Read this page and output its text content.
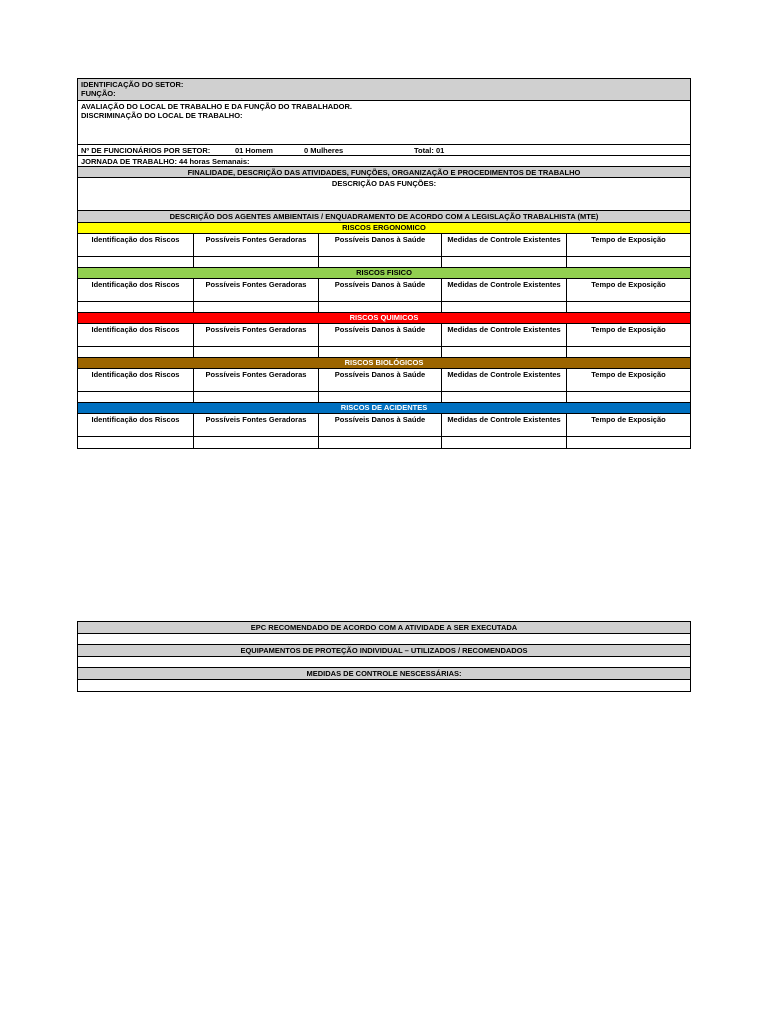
IDENTIFICAÇÃO DO SETOR:
FUNÇÃO:
AVALIAÇÃO DO LOCAL DE TRABALHO E DA FUNÇÃO DO TRABALHADOR.
DISCRIMINAÇÃO DO LOCAL DE TRABALHO:
Nº DE FUNCIONÁRIOS POR SETOR:	01 Homem	0 Mulheres	Total: 01
JORNADA DE TRABALHO: 44 horas Semanais:
FINALIDADE, DESCRIÇÃO DAS ATIVIDADES, FUNÇÕES, ORGANIZAÇÃO E PROCEDIMENTOS DE TRABALHO
DESCRIÇÃO DAS FUNÇÕES:
DESCRIÇÃO DOS AGENTES AMBIENTAIS / ENQUADRAMENTO DE ACORDO COM A LEGISLAÇÃO TRABALHISTA (MTE)
RISCOS ERGONOMICO
Identificação dos Riscos	Possíveis Fontes Geradoras	Possíveis Danos à Saúde	Medidas de Controle Existentes	Tempo de Exposição
RISCOS FISICO
Identificação dos Riscos	Possíveis Fontes Geradoras	Possíveis Danos à Saúde	Medidas de Controle Existentes	Tempo de Exposição
RISCOS QUIMICOS
Identificação dos Riscos	Possíveis Fontes Geradoras	Possíveis Danos à Saúde	Medidas de Controle Existentes	Tempo de Exposição
RISCOS BIOLÓGICOS
Identificação dos Riscos	Possíveis Fontes Geradoras	Possíveis Danos à Saúde	Medidas de Controle Existentes	Tempo de Exposição
RISCOS DE ACIDENTES
Identificação dos Riscos	Possíveis Fontes Geradoras	Possíveis Danos à Saúde	Medidas de Controle Existentes	Tempo de Exposição
EPC RECOMENDADO DE ACORDO COM A ATIVIDADE A SER EXECUTADA
EQUIPAMENTOS DE PROTEÇÃO INDIVIDUAL – UTILIZADOS / RECOMENDADOS
MEDIDAS DE CONTROLE NESCESSÁRIAS:
